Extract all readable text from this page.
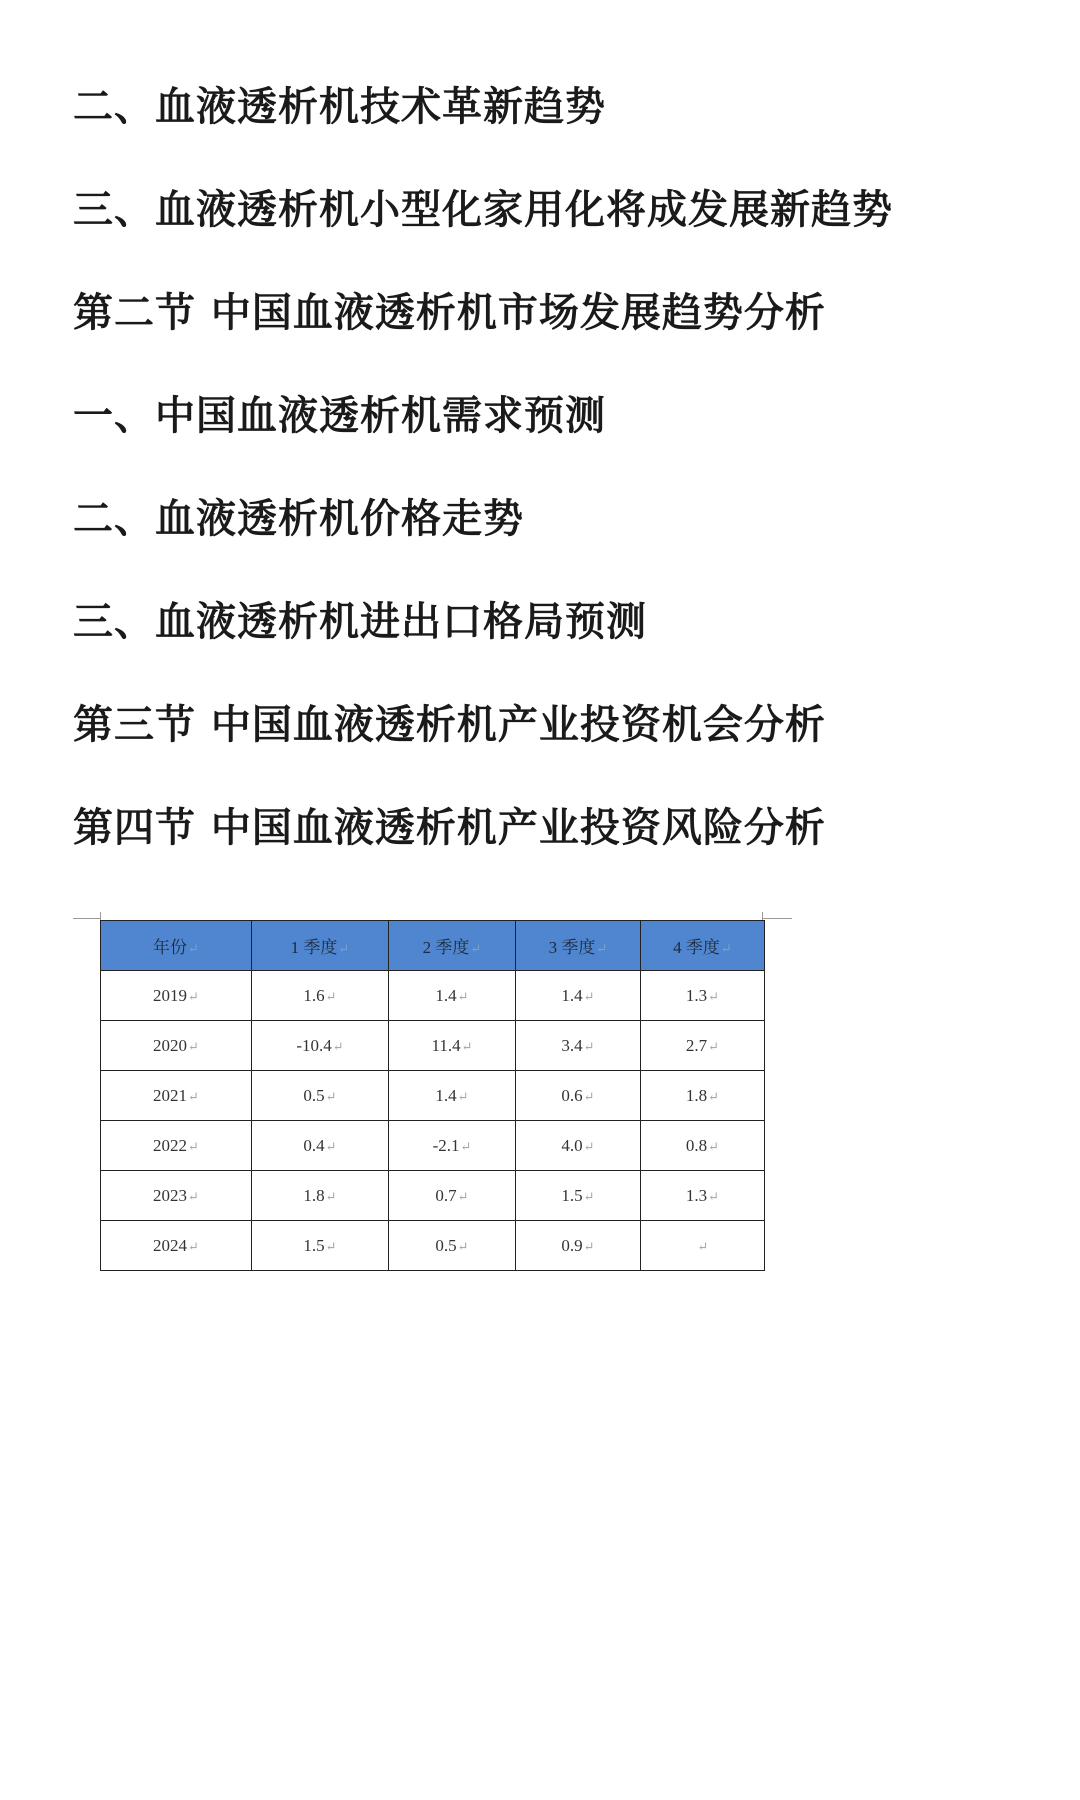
二、血液透析机技术革新趋势
三、血液透析机小型化家用化将成发展新趋势
第二节 中国血液透析机市场发展趋势分析
一、中国血液透析机需求预测
二、血液透析机价格走势
三、血液透析机进出口格局预测
第三节 中国血液透析机产业投资机会分析
第四节 中国血液透析机产业投资风险分析
年份↵	1 季度↵	2 季度↵	3 季度↵	4 季度↵
2019↵	1.6↵	1.4↵	1.4↵	1.3↵
2020↵	-10.4↵	11.4↵	3.4↵	2.7↵
2021↵	0.5↵	1.4↵	0.6↵	1.8↵
2022↵	0.4↵	-2.1↵	4.0↵	0.8↵
2023↵	1.8↵	0.7↵	1.5↵	1.3↵
2024↵	1.5↵	0.5↵	0.9↵	↵
